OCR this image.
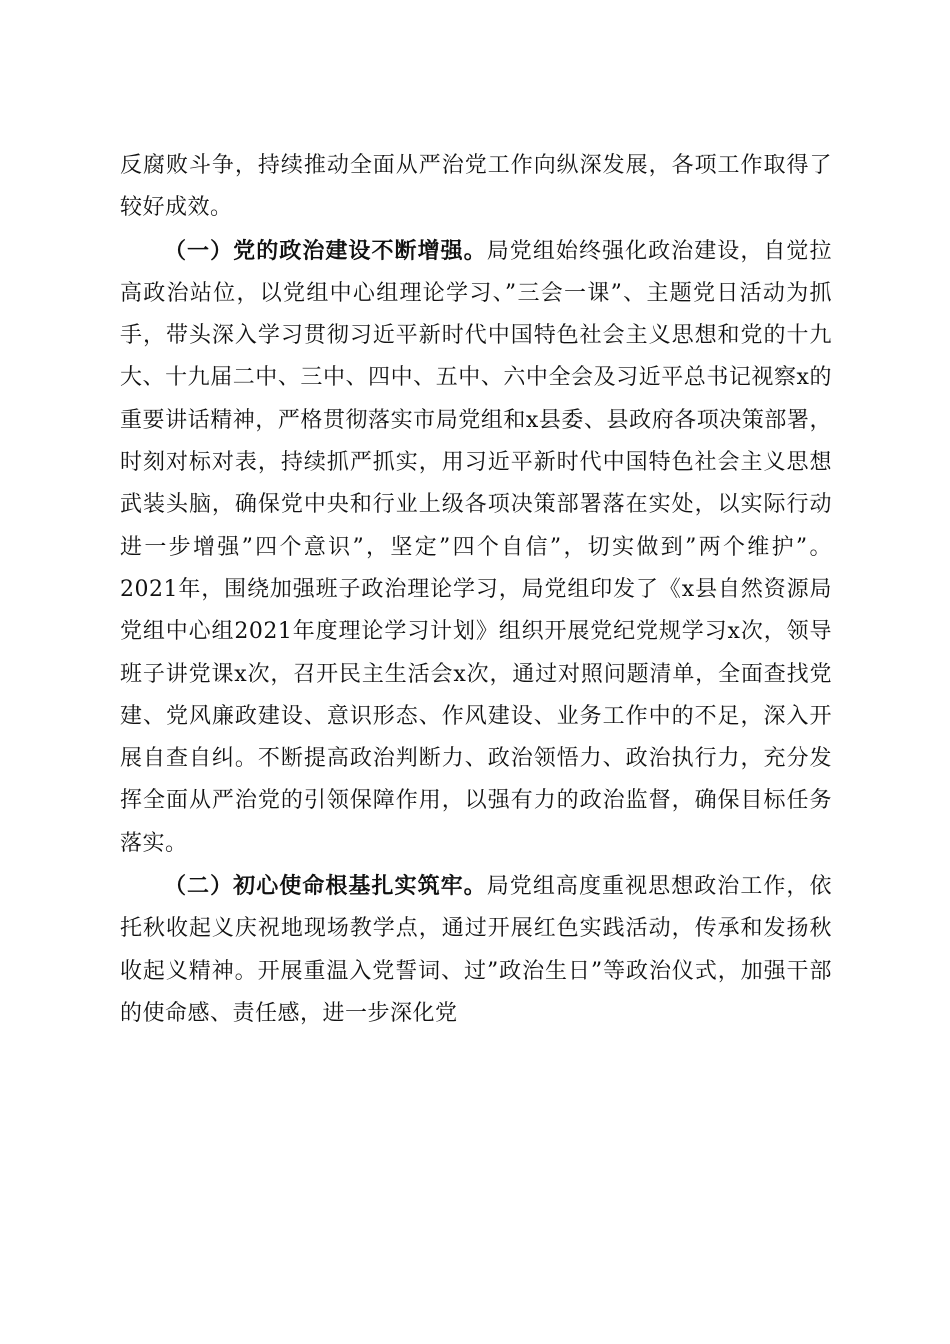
反腐败斗争，持续推动全面从严治党工作向纵深发展，各项工作取得了较好成效。

（一）党的政治建设不断增强。局党组始终强化政治建设，自觉拉高政治站位，以党组中心组理论学习、”三会一课”、主题党日活动为抓手，带头深入学习贯彻习近平新时代中国特色社会主义思想和党的十九大、十九届二中、三中、四中、五中、六中全会及习近平总书记视察x的重要讲话精神，严格贯彻落实市局党组和x县委、县政府各项决策部署，时刻对标对表，持续抓严抓实，用习近平新时代中国特色社会主义思想武装头脑，确保党中央和行业上级各项决策部署落在实处，以实际行动进一步增强”四个意识”，坚定”四个自信”，切实做到”两个维护”。2021年，围绕加强班子政治理论学习，局党组印发了《x县自然资源局党组中心组2021年度理论学习计划》组织开展党纪党规学习x次，领导班子讲党课x次，召开民主生活会x次，通过对照问题清单，全面查找党建、党风廉政建设、意识形态、作风建设、业务工作中的不足，深入开展自查自纠。不断提高政治判断力、政治领悟力、政治执行力，充分发挥全面从严治党的引领保障作用，以强有力的政治监督，确保目标任务落实。

（二）初心使命根基扎实筑牢。局党组高度重视思想政治工作，依托秋收起义庆祝地现场教学点，通过开展红色实践活动，传承和发扬秋收起义精神。开展重温入党誓词、过”政治生日”等政治仪式，加强干部的使命感、责任感，进一步深化党
